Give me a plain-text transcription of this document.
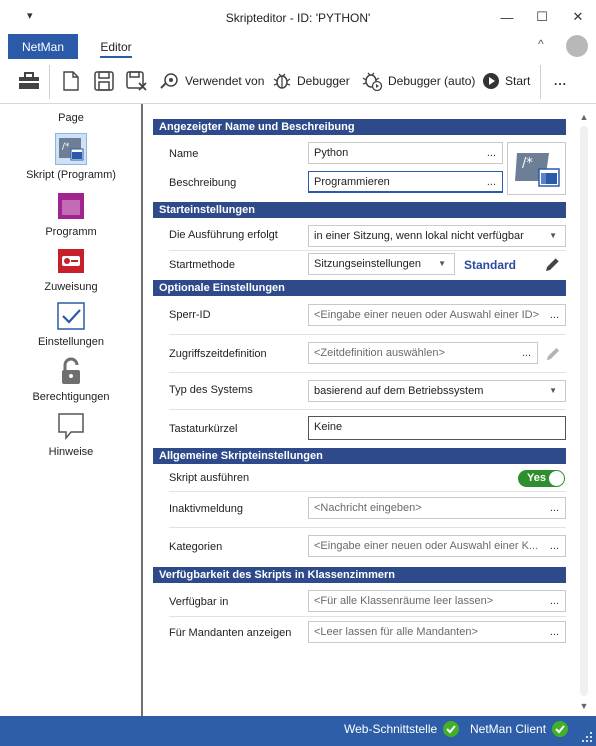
▾	Skripteditor - ID: 'PYTHON'	—	☐	✕
NetMan	Editor	^
Verwendet von	Debugger	Debugger (auto) Start ...
Page
/*
Skript (Programm)
Programm
Zuweisung
Einstellungen
Berechtigungen
Hinweise
▲
▼
Angezeigter Name und Beschreibung
Name	Python	...
Beschreibung	Programmieren	...
/*
Starteinstellungen
Die Ausführung erfolgt	in einer Sitzung, wenn lokal nicht verfügbar	▼
Startmethode	Sitzungseinstellungen ▼ Standard
Optionale Einstellungen
Sperr-ID	<Eingabe einer neuen oder Auswahl einer ID> ...
Zugriffszeitdefinition	<Zeitdefinition auswählen>	...
Typ des Systems	basierend auf dem Betriebssystem	▼
Tastaturkürzel	Keine
Allgemeine Skripteinstellungen
Skript ausführen	Yes
Inaktivmeldung	<Nachricht eingeben>	...
Kategorien	<Eingabe einer neuen oder Auswahl einer K... ...
Verfügbarkeit des Skripts in Klassenzimmern
Verfügbar in	<Für alle Klassenräume leer lassen>	...
Für Mandanten anzeigen	<Leer lassen für alle Mandanten>	...
Web-Schnittstelle	NetMan Client
